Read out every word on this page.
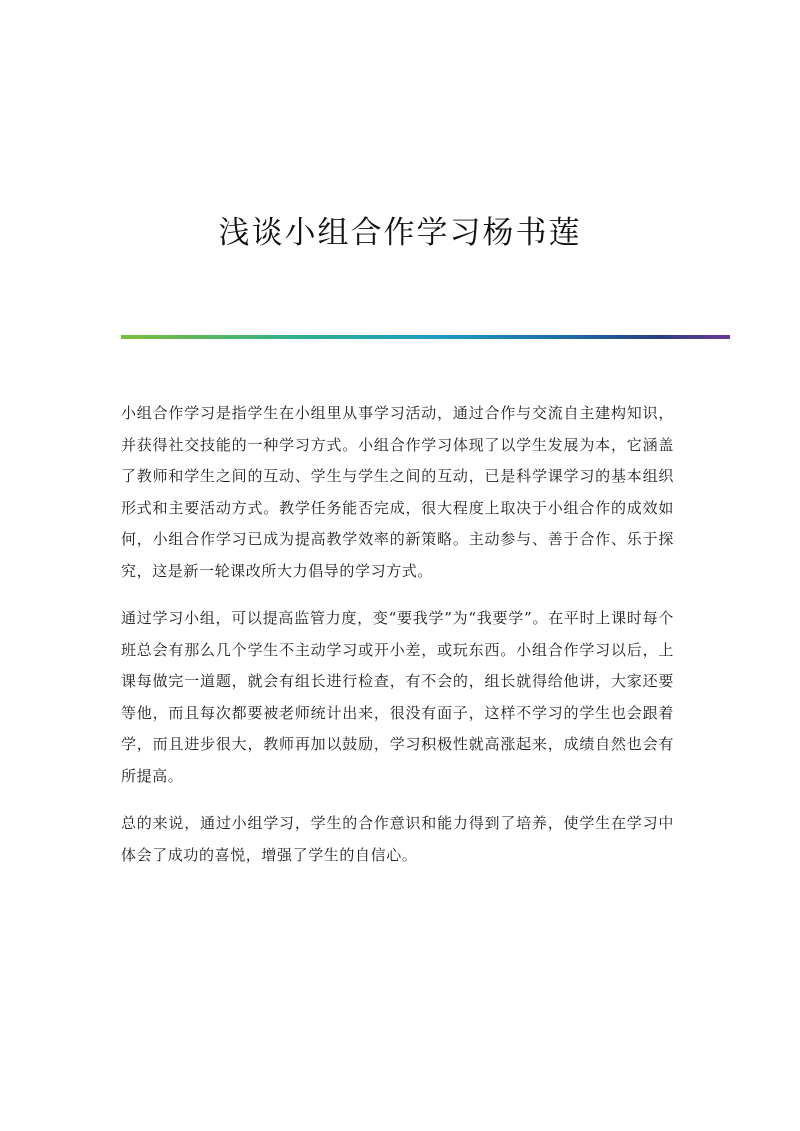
浅谈小组合作学习杨书莲

小组合作学习是指学生在小组里从事学习活动，通过合作与交流自主建构知识，并获得社交技能的一种学习方式。小组合作学习体现了以学生发展为本，它涵盖了教师和学生之间的互动、学生与学生之间的互动，已是科学课学习的基本组织形式和主要活动方式。教学任务能否完成，很大程度上取决于小组合作的成效如何，小组合作学习已成为提高教学效率的新策略。主动参与、善于合作、乐于探究，这是新一轮课改所大力倡导的学习方式。

通过学习小组，可以提高监管力度，变“要我学”为“我要学”。在平时上课时每个班总会有那么几个学生不主动学习或开小差，或玩东西。小组合作学习以后，上课每做完一道题，就会有组长进行检查，有不会的，组长就得给他讲，大家还要等他，而且每次都要被老师统计出来，很没有面子，这样不学习的学生也会跟着学，而且进步很大，教师再加以鼓励，学习积极性就高涨起来，成绩自然也会有所提高。

总的来说，通过小组学习，学生的合作意识和能力得到了培养，使学生在学习中体会了成功的喜悦，增强了学生的自信心。
